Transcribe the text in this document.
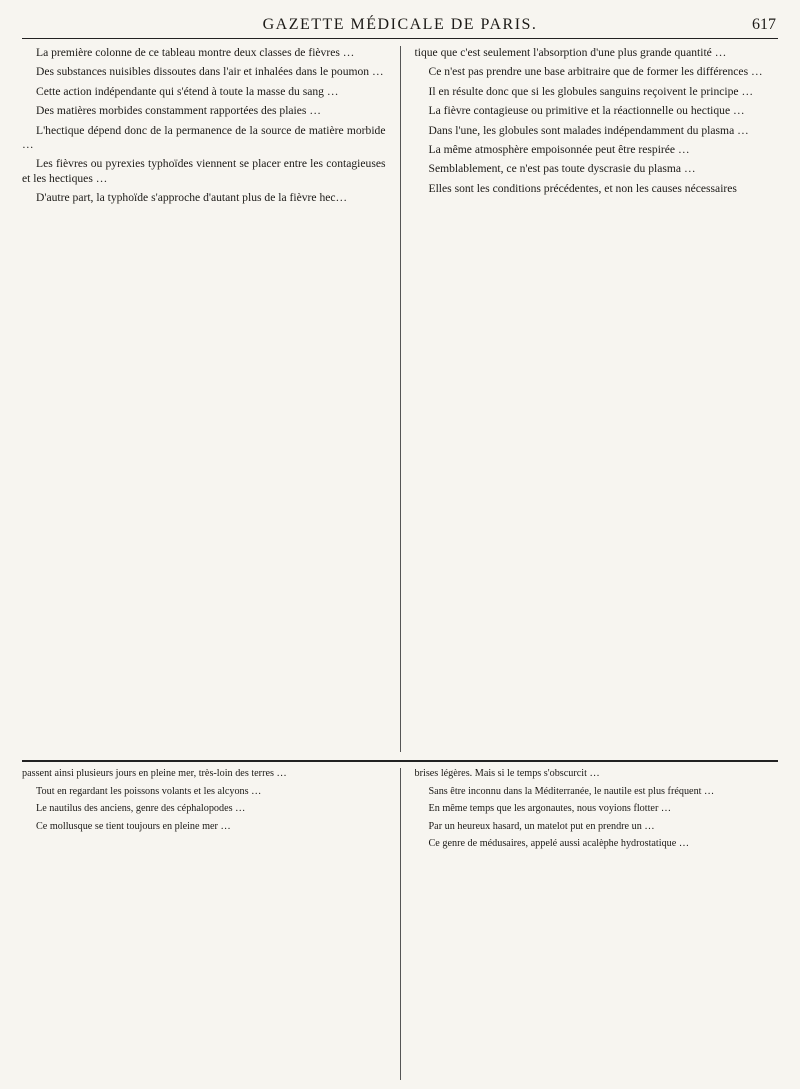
GAZETTE MÉDICALE DE PARIS.	617

La première colonne de ce tableau montre deux classes de fièvres …

Des substances nuisibles dissoutes dans l'air et inhalées dans le poumon …

Cette action indépendante qui s'étend à toute la masse du sang …

Des matières morbides constamment rapportées des plaies …

L'hectique dépend donc de la permanence de la source de matière morbide …

Les fièvres ou pyrexies typhoïdes viennent se placer entre les contagieuses et les hectiques …

D'autre part, la typhoïde s'approche d'autant plus de la fièvre hec…

tique que c'est seulement l'absorption d'une plus grande quantité …

Ce n'est pas prendre une base arbitraire que de former les différences …

Il en résulte donc que si les globules sanguins reçoivent le principe …

La fièvre contagieuse ou primitive et la réactionnelle ou hectique …

Dans l'une, les globules sont malades indépendamment du plasma …

La même atmosphère empoisonnée peut être respirée …

Semblablement, ce n'est pas toute dyscrasie du plasma …

Elles sont les conditions précédentes, et non les causes nécessaires

passent ainsi plusieurs jours en pleine mer, très-loin des terres …

Tout en regardant les poissons volants et les alcyons …

Le nautilus des anciens, genre des céphalopodes …

Ce mollusque se tient toujours en pleine mer …

brises légères. Mais si le temps s'obscurcit …

Sans être inconnu dans la Méditerranée, le nautile est plus fréquent …

En même temps que les argonautes, nous voyions flotter …

Par un heureux hasard, un matelot put en prendre un …

Ce genre de médusaires, appelé aussi acalèphe hydrostatique …
